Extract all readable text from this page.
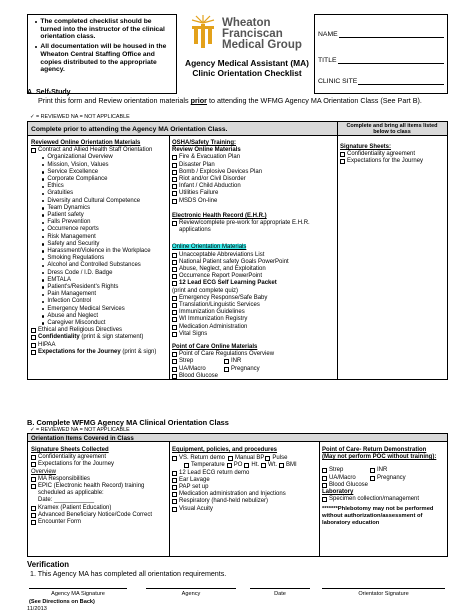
The completed checklist should be turned into the instructor of the clinical orientation class.
All documentation will be housed in the Wheaton Central Staffing Office and copies distributed to the appropriate agency.
Wheaton
Franciscan
Medical Group
Agency Medical Assistant (MA) Clinic Orientation Checklist
NAME
TITLE
CLINIC SITE
A. Self-Study
Print this form and Review orientation materials prior to attending the WFMG Agency MA Orientation Class (See Part B).
✓ = REVIEWED NA = NOT APPLICABLE
Complete prior to attending the Agency MA Orientation Class.	Complete and bring all items listed below to class
Reviewed Online Orientation Materials
Contract and Allied Health Staff Orientation
Organizational Overview
Mission, Vision, Values
Service Excellence
Corporate Compliance
Ethics
Gratuities
Diversity and Cultural Competence
Team Dynamics
Patient safety
Falls Prevention
Occurrence reports
Risk Management
Safety and Security
Harassment/Violence in the Workplace
Smoking Regulations
Alcohol and Controlled Substances
Dress Code / I.D. Badge
EMTALA
Patient's/Resident's Rights
Pain Management
Infection Control
Emergency Medical Services
Abuse and Neglect
Caregiver Misconduct
Ethical and Religious Directives
Confidentiality (print & sign statement)
HIPAA
Expectations for the Journey (print & sign)
OSHA/Safety Training:
Review Online Materials
Fire & Evacuation Plan
Disaster Plan
Bomb / Explosive Devices Plan
Riot and/or Civil Disorder
Infant / Child Abduction
Utilities Failure
MSDS On-line
Electronic Health Record (E.H.R.)
Review/complete pre-work for appropriate E.H.R. applications
Online Orientation Materials
Unacceptable Abbreviations List
National Patient safety Goals PowerPoint
Abuse, Neglect, and Exploitation
Occurrence Report PowerPoint
12 Lead ECG Self Learning Packet
(print and complete quiz)
Emergency Response/Safe Baby
Translation/Linguistic Services
Immunization Guidelines
WI Immunization Registry
Medication Administration
Vital Signs
Point of Care Online Materials
Point of Care Regulations Overview
Strep	INR
UA/Macro	Pregnancy
Blood Glucose
Signature Sheets:
Confidentiality agreement
Expectations for the Journey
B. Complete WFMG Agency MA Clinical Orientation Class
✓ = REVIEWED NA = NOT APPLICABLE
Orientation Items Covered in Class
Signature Sheets Collected
Confidentiality agreement
Expectations for the Journey
Overview
MA Responsibilities
EPIC (Electronic health Record) training scheduled as applicable:
Date: ____________
Kramex (Patient Education)
Advanced Beneficiary Notice/Code Correct
Encounter Form
Equipment, policies, and procedures
VS. Return demo Manual BP Pulse
Temperature PO Ht. Wt. BMI
12 Lead ECG return demo
Ear Lavage
PAP set up
Medication administration and Injections
Respiratory (hand-held nebulizer)
Visual Acuity
Point of Care- Return Demonstration
(May not perform POC without training):
Strep	INR
UA/Macro	Pregnancy
Blood Glucose
Laboratory
Specimen collection/management
*******Phlebotomy may not be performed without authorization/assessment of laboratory education
Verification
1. This Agency MA has completed all orientation requirements.
Agency MA Signature	Agency	Date	Orientator Signature
(See Directions on Back)
11/2013
